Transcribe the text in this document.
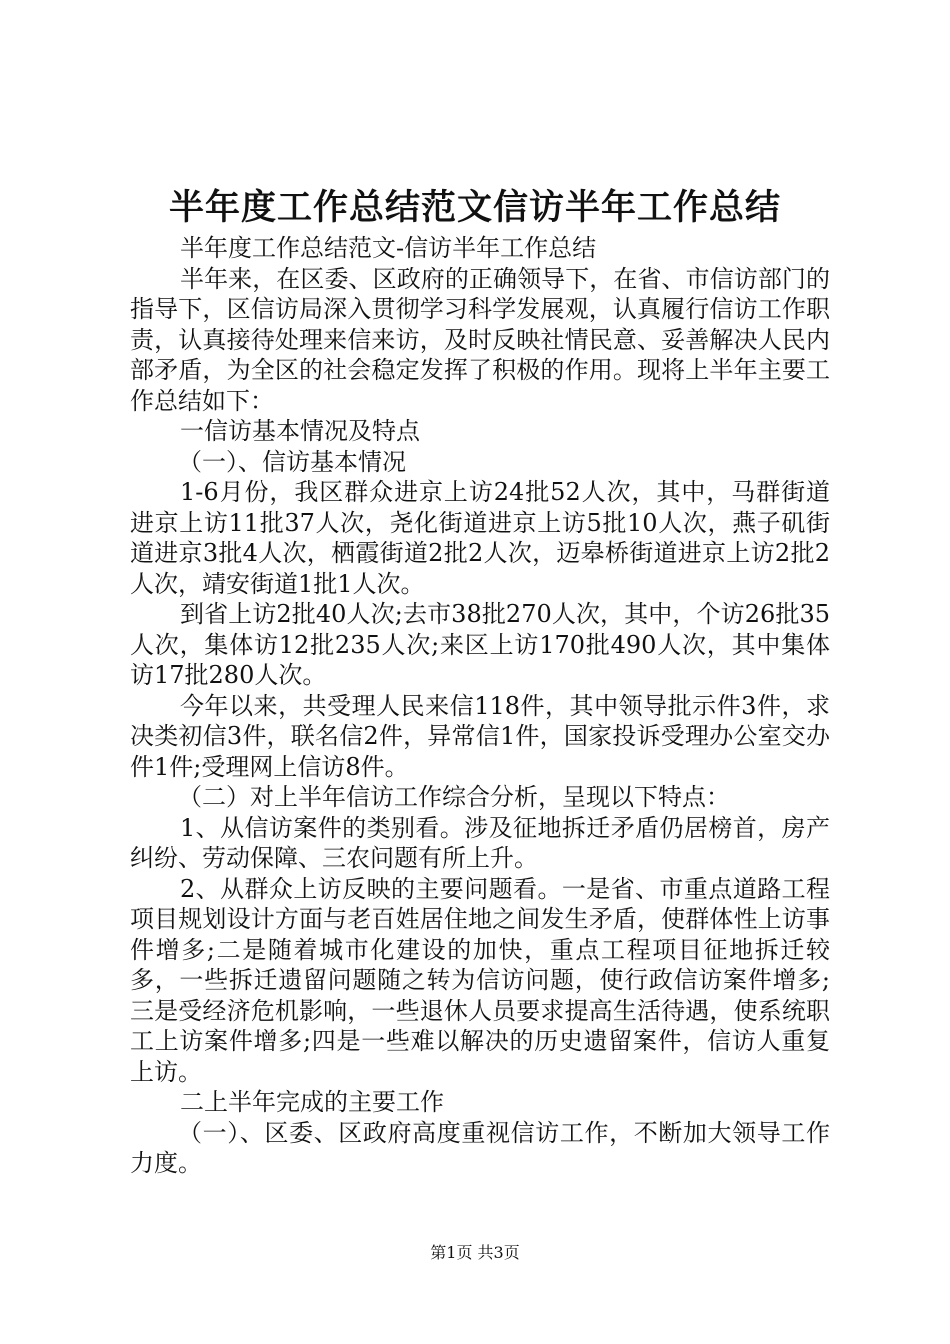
半年度工作总结范文信访半年工作总结

半年度工作总结范文-信访半年工作总结

半年来，在区委、区政府的正确领导下，在省、市信访部门的指导下，区信访局深入贯彻学习科学发展观，认真履行信访工作职责，认真接待处理来信来访，及时反映社情民意、妥善解决人民内部矛盾，为全区的社会稳定发挥了积极的作用。现将上半年主要工作总结如下：

一信访基本情况及特点

（一）、信访基本情况

1-6月份，我区群众进京上访24批52人次，其中，马群街道进京上访11批37人次，尧化街道进京上访5批10人次，燕子矶街道进京3批4人次，栖霞街道2批2人次，迈皋桥街道进京上访2批2人次，靖安街道1批1人次。

到省上访2批40人次;去市38批270人次，其中，个访26批35人次，集体访12批235人次;来区上访170批490人次，其中集体访17批280人次。

今年以来，共受理人民来信118件，其中领导批示件3件，求决类初信3件，联名信2件，异常信1件，国家投诉受理办公室交办件1件;受理网上信访8件。

（二）对上半年信访工作综合分析，呈现以下特点：

1、从信访案件的类别看。涉及征地拆迁矛盾仍居榜首，房产纠纷、劳动保障、三农问题有所上升。

2、从群众上访反映的主要问题看。一是省、市重点道路工程项目规划设计方面与老百姓居住地之间发生矛盾，使群体性上访事件增多;二是随着城市化建设的加快，重点工程项目征地拆迁较多，一些拆迁遗留问题随之转为信访问题，使行政信访案件增多;三是受经济危机影响，一些退休人员要求提高生活待遇，使系统职工上访案件增多;四是一些难以解决的历史遗留案件，信访人重复上访。

二上半年完成的主要工作

（一）、区委、区政府高度重视信访工作，不断加大领导工作力度。

第1页 共3页
